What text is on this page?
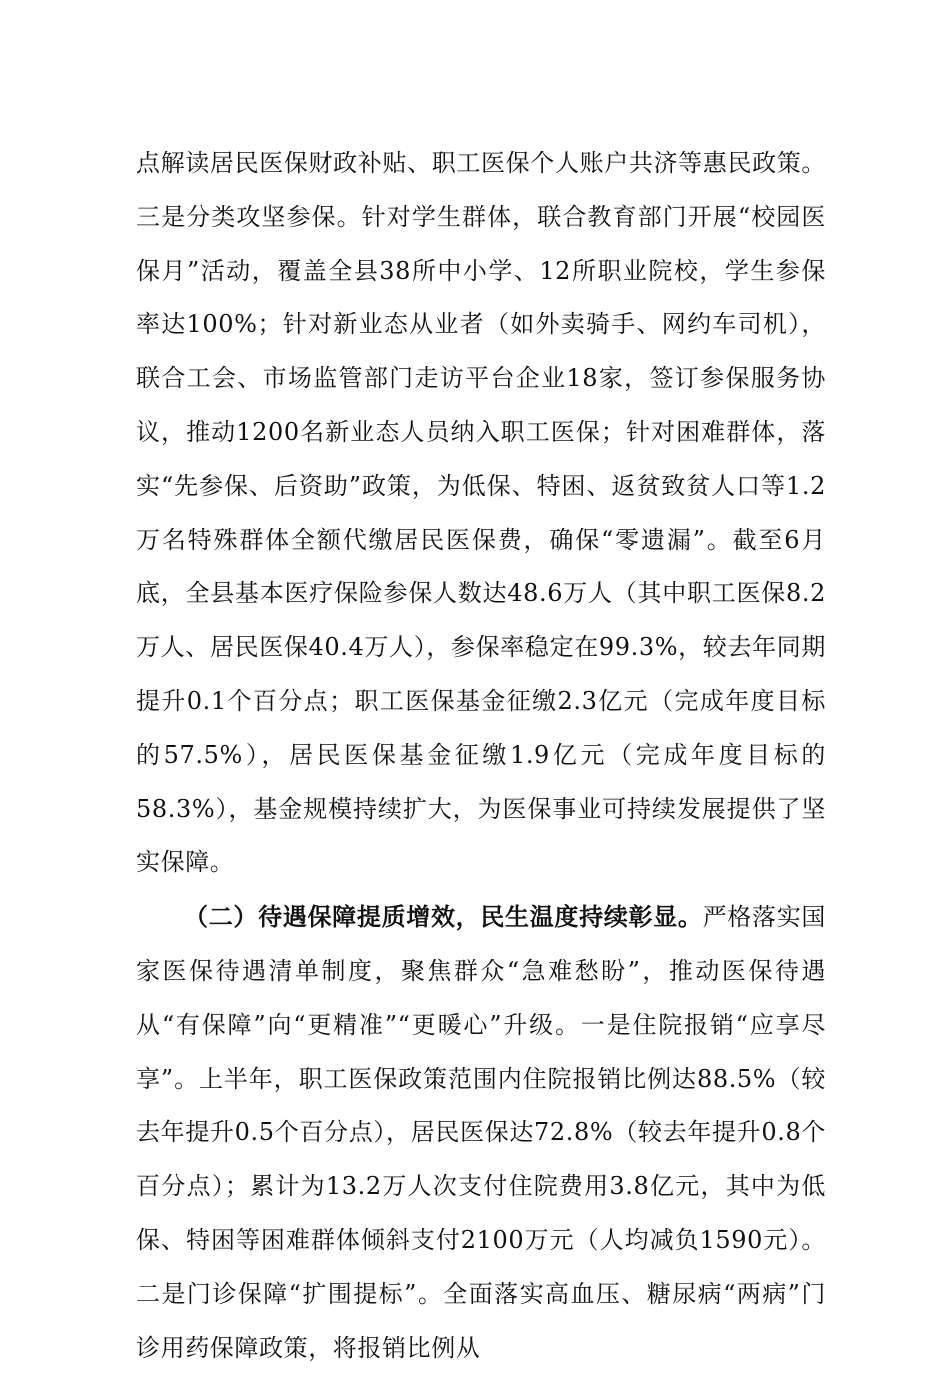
点解读居民医保财政补贴、职工医保个人账户共济等惠民政策。三是分类攻坚参保。针对学生群体，联合教育部门开展“校园医保月”活动，覆盖全县38所中小学、12所职业院校，学生参保率达100%；针对新业态从业者（如外卖骑手、网约车司机），联合工会、市场监管部门走访平台企业18家，签订参保服务协议，推动1200名新业态人员纳入职工医保；针对困难群体，落实“先参保、后资助”政策，为低保、特困、返贫致贫人口等1.2万名特殊群体全额代缴居民医保费，确保“零遗漏”。截至6月底，全县基本医疗保险参保人数达48.6万人（其中职工医保8.2万人、居民医保40.4万人），参保率稳定在99.3%，较去年同期提升0.1个百分点；职工医保基金征缴2.3亿元（完成年度目标的57.5%），居民医保基金征缴1.9亿元（完成年度目标的58.3%），基金规模持续扩大，为医保事业可持续发展提供了坚实保障。

（二）待遇保障提质增效，民生温度持续彰显。严格落实国家医保待遇清单制度，聚焦群众“急难愁盼”，推动医保待遇从“有保障”向“更精准”“更暖心”升级。一是住院报销“应享尽享”。上半年，职工医保政策范围内住院报销比例达88.5%（较去年提升0.5个百分点），居民医保达72.8%（较去年提升0.8个百分点）；累计为13.2万人次支付住院费用3.8亿元，其中为低保、特困等困难群体倾斜支付2100万元（人均减负1590元）。二是门诊保障“扩围提标”。全面落实高血压、糖尿病“两病”门诊用药保障政策，将报销比例从
